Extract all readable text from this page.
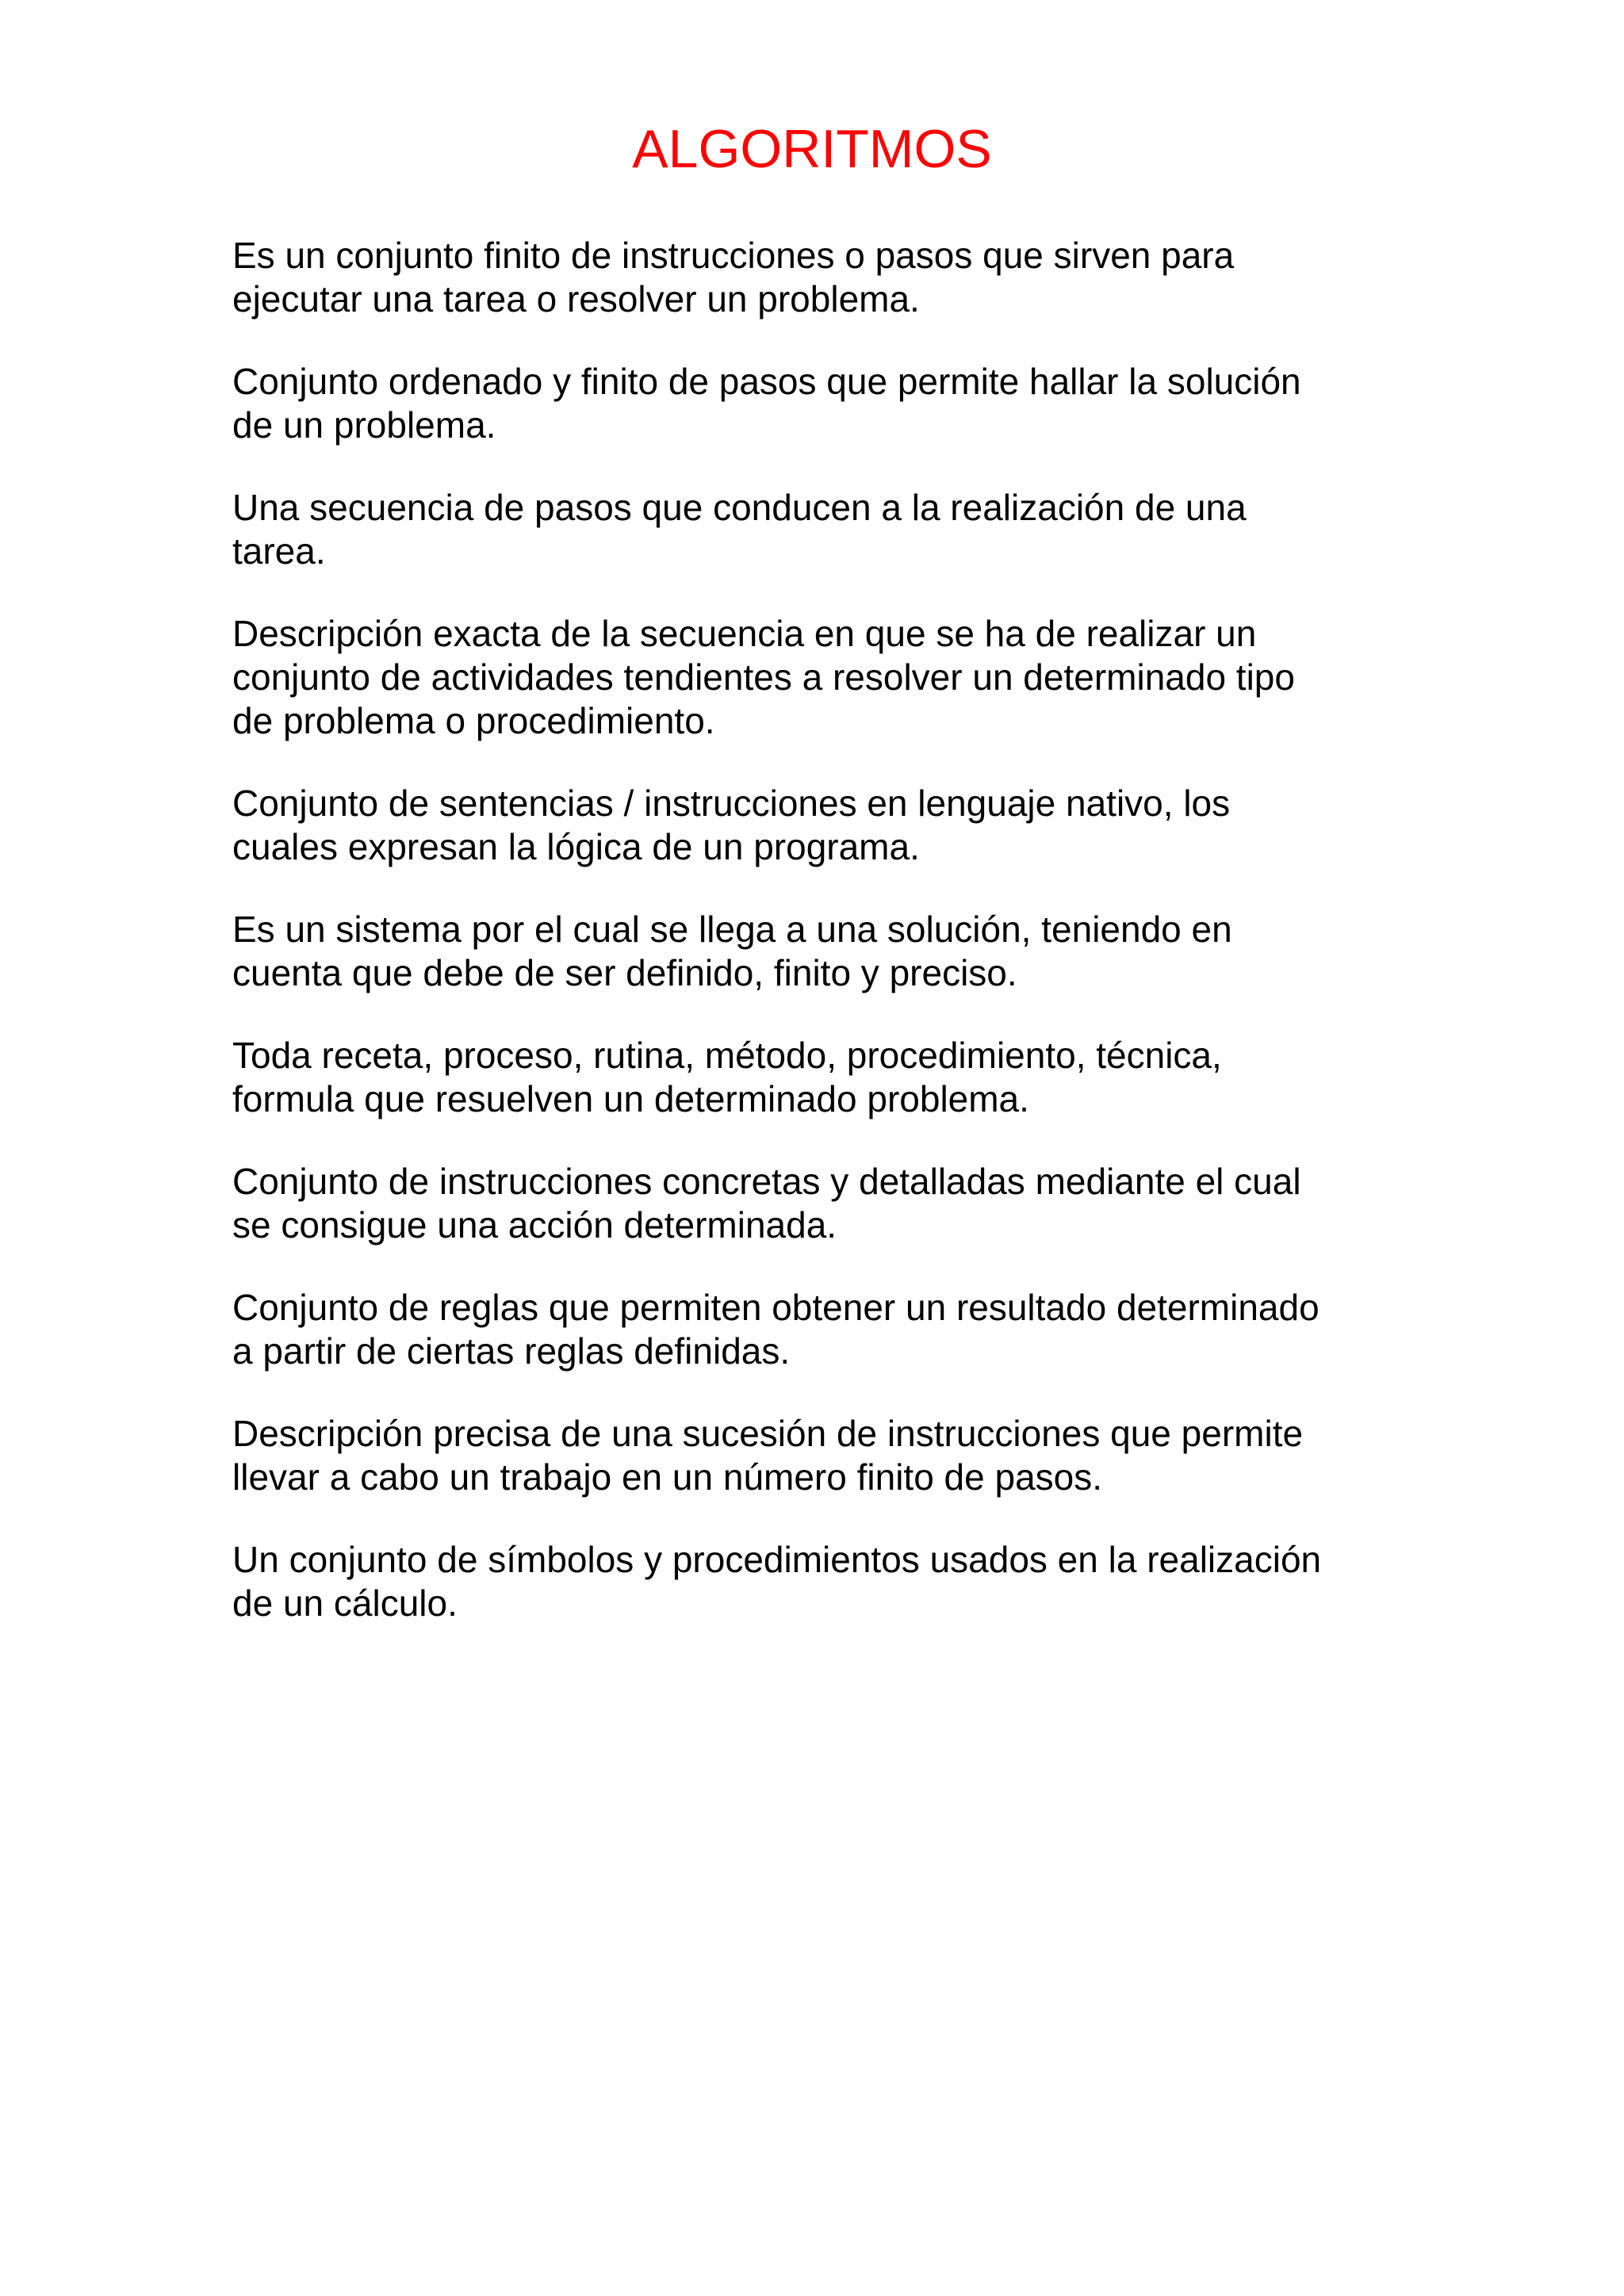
ALGORITMOS

Es un conjunto finito de instrucciones o pasos que sirven para
ejecutar una tarea o resolver un problema.

Conjunto ordenado y finito de pasos que permite hallar la solución
de un problema.

Una secuencia de pasos que conducen a la realización de una
tarea.

Descripción exacta de la secuencia en que se ha de realizar un
conjunto de actividades tendientes a resolver un determinado tipo
de problema o procedimiento.

Conjunto de sentencias / instrucciones en lenguaje nativo, los
cuales expresan la lógica de un programa.

Es un sistema por el cual se llega a una solución, teniendo en
cuenta que debe de ser definido, finito y preciso.

Toda receta, proceso, rutina, método, procedimiento, técnica,
formula que resuelven un determinado problema.

Conjunto de instrucciones concretas y detalladas mediante el cual
se consigue una acción determinada.

Conjunto de reglas que permiten obtener un resultado determinado
a partir de ciertas reglas definidas.

Descripción precisa de una sucesión de instrucciones que permite
llevar a cabo un trabajo en un número finito de pasos.

Un conjunto de símbolos y procedimientos usados en la realización
de un cálculo.
